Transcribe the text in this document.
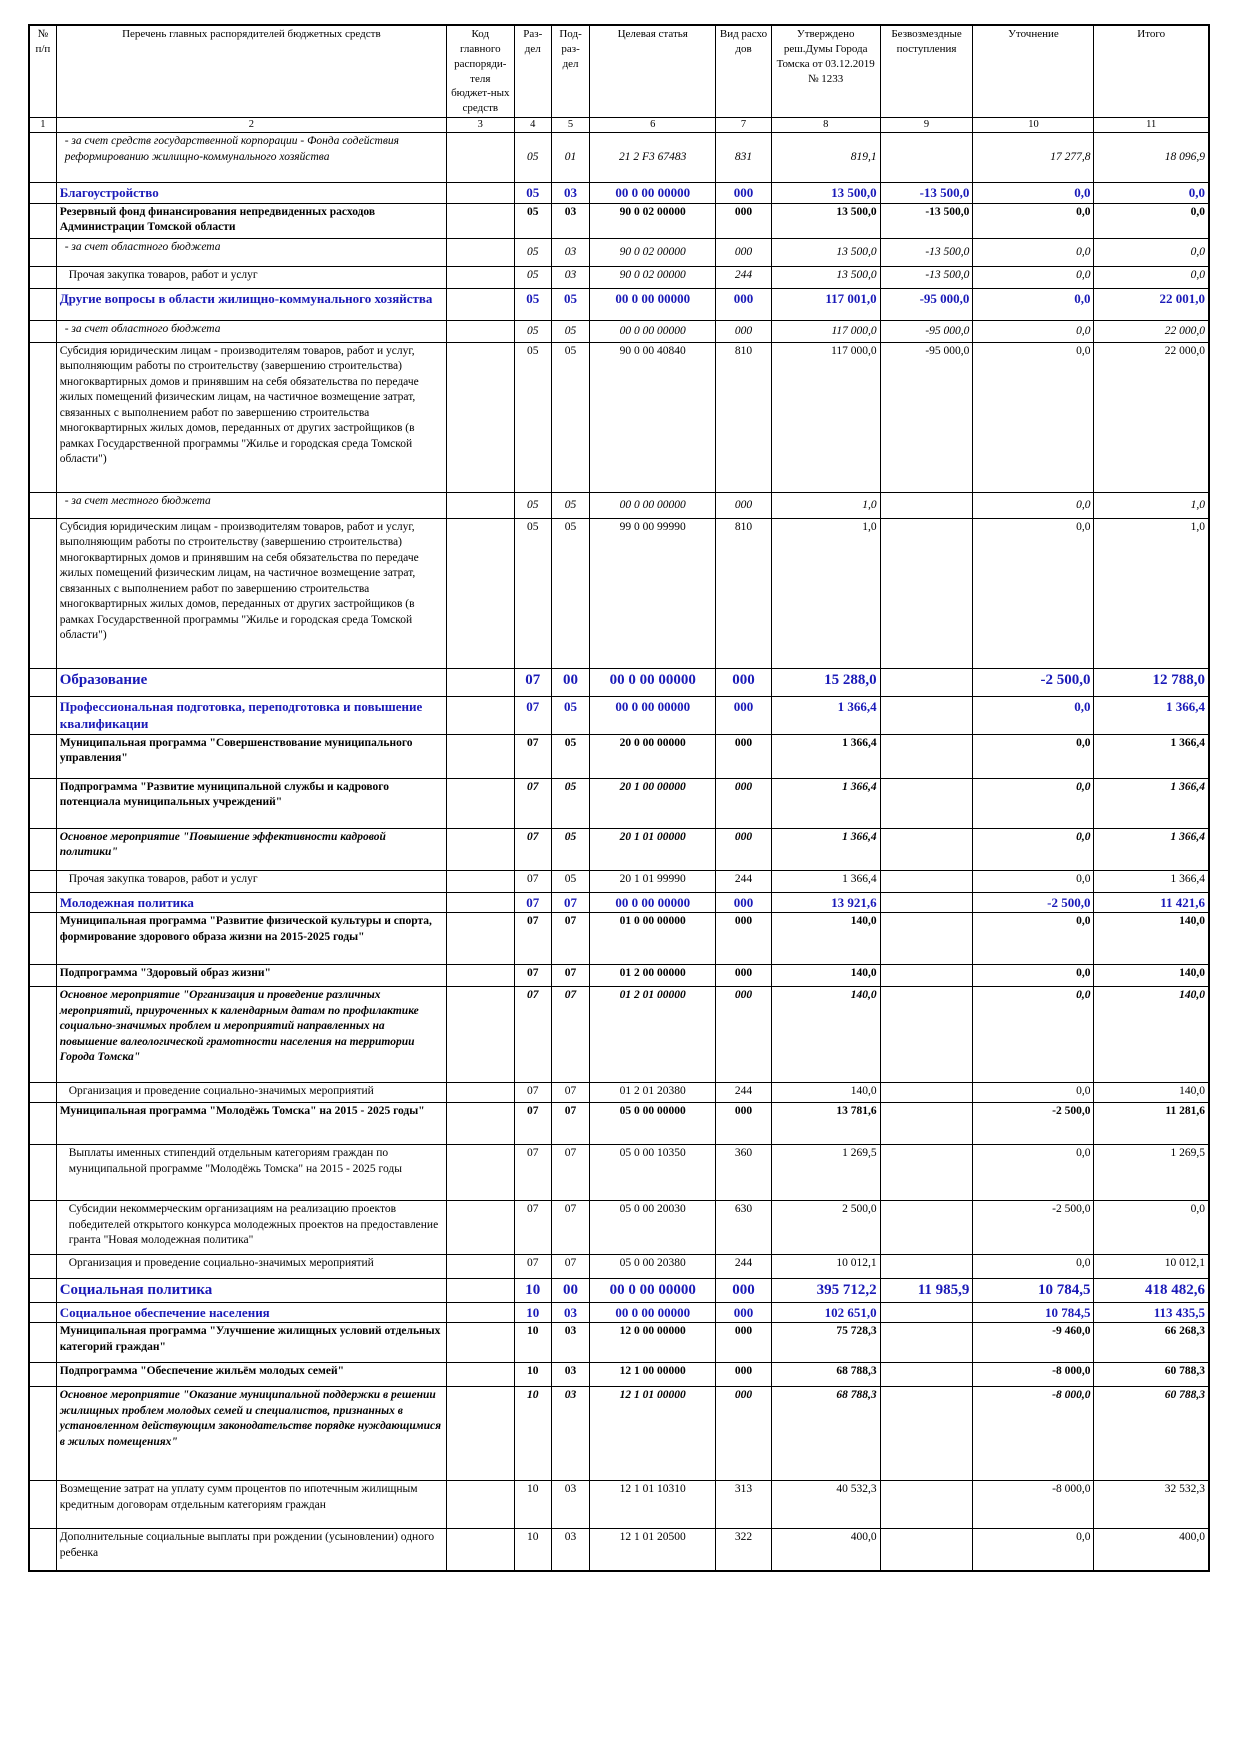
№ п/п	Перечень главных распорядителей бюджетных средств	Код главного распоряди-теля бюджет-ных средств	Раз-дел	Под-раз-дел	Целевая статья	Вид расхо дов	Утверждено реш.Думы Города Томска от 03.12.2019 № 1233	Безвозмездные поступления	Уточнение	Итого
1	2	3	4	5	6	7	8	9	10	11
	- за счет средств государственной корпорации - Фонда содействия реформированию жилищно-коммунального хозяйства		05	01	21 2 F3 67483	831	819,1		17 277,8	18 096,9
	Благоустройство		05	03	00 0 00 00000	000	13 500,0	-13 500,0	0,0	0,0
	Резервный фонд финансирования непредвиденных расходов Администрации Томской области		05	03	90 0 02 00000	000	13 500,0	-13 500,0	0,0	0,0
	- за счет областного бюджета		05	03	90 0 02 00000	000	13 500,0	-13 500,0	0,0	0,0
	Прочая закупка товаров, работ и услуг		05	03	90 0 02 00000	244	13 500,0	-13 500,0	0,0	0,0
	Другие вопросы в области жилищно-коммунального хозяйства		05	05	00 0 00 00000	000	117 001,0	-95 000,0	0,0	22 001,0
	- за счет областного бюджета		05	05	00 0 00 00000	000	117 000,0	-95 000,0	0,0	22 000,0
	Субсидия юридическим лицам - производителям товаров, работ и услуг, выполняющим работы по строительству (завершению строительства) многоквартирных домов и принявшим на себя обязательства по передаче жилых помещений физическим лицам, на частичное возмещение затрат, связанных с выполнением работ по завершению строительства многоквартирных жилых домов, переданных от других застройщиков (в рамках Государственной программы "Жилье и городская среда Томской области")		05	05	90 0 00 40840	810	117 000,0	-95 000,0	0,0	22 000,0
	- за счет местного бюджета		05	05	00 0 00 00000	000	1,0		0,0	1,0
	Субсидия юридическим лицам - производителям товаров, работ и услуг, выполняющим работы по строительству (завершению строительства) многоквартирных домов и принявшим на себя обязательства по передаче жилых помещений физическим лицам, на частичное возмещение затрат, связанных с выполнением работ по завершению строительства многоквартирных жилых домов, переданных от других застройщиков (в рамках Государственной программы "Жилье и городская среда Томской области")		05	05	99 0 00 99990	810	1,0		0,0	1,0
	Образование		07	00	00 0 00 00000	000	15 288,0		-2 500,0	12 788,0
	Профессиональная подготовка, переподготовка и повышение квалификации		07	05	00 0 00 00000	000	1 366,4		0,0	1 366,4
	Муниципальная программа "Совершенствование муниципального управления"		07	05	20 0 00 00000	000	1 366,4		0,0	1 366,4
	Подпрограмма "Развитие муниципальной службы и кадрового потенциала муниципальных учреждений"		07	05	20 1 00 00000	000	1 366,4		0,0	1 366,4
	Основное мероприятие "Повышение эффективности кадровой политики"		07	05	20 1 01 00000	000	1 366,4		0,0	1 366,4
	Прочая закупка товаров, работ и услуг		07	05	20 1 01 99990	244	1 366,4		0,0	1 366,4
	Молодежная политика		07	07	00 0 00 00000	000	13 921,6		-2 500,0	11 421,6
	Муниципальная программа "Развитие физической культуры и спорта, формирование здорового образа жизни на 2015-2025 годы"		07	07	01 0 00 00000	000	140,0		0,0	140,0
	Подпрограмма "Здоровый образ жизни"		07	07	01 2 00 00000	000	140,0		0,0	140,0
	Основное мероприятие "Организация и проведение различных мероприятий, приуроченных к календарным датам по профилактике социально-значимых проблем и мероприятий направленных на повышение валеологической грамотности населения на территории Города Томска"		07	07	01 2 01 00000	000	140,0		0,0	140,0
	Организация и проведение социально-значимых мероприятий		07	07	01 2 01 20380	244	140,0		0,0	140,0
	Муниципальная программа "Молодёжь Томска" на 2015 - 2025 годы"		07	07	05 0 00 00000	000	13 781,6		-2 500,0	11 281,6
	Выплаты именных стипендий отдельным категориям граждан по муниципальной программе "Молодёжь Томска" на 2015 - 2025 годы		07	07	05 0 00 10350	360	1 269,5		0,0	1 269,5
	Субсидии некоммерческим организациям на реализацию проектов победителей открытого конкурса молодежных проектов на предоставление гранта "Новая молодежная политика"		07	07	05 0 00 20030	630	2 500,0		-2 500,0	0,0
	Организация и проведение социально-значимых мероприятий		07	07	05 0 00 20380	244	10 012,1		0,0	10 012,1
	Социальная политика		10	00	00 0 00 00000	000	395 712,2	11 985,9	10 784,5	418 482,6
	Социальное обеспечение населения		10	03	00 0 00 00000	000	102 651,0		10 784,5	113 435,5
	Муниципальная программа "Улучшение жилищных условий отдельных категорий граждан"		10	03	12 0 00 00000	000	75 728,3		-9 460,0	66 268,3
	Подпрограмма "Обеспечение жильём молодых семей"		10	03	12 1 00 00000	000	68 788,3		-8 000,0	60 788,3
	Основное мероприятие "Оказание муниципальной поддержки в решении жилищных проблем молодых семей и специалистов, признанных в установленном действующим законодательстве порядке нуждающимися в жилых помещениях"		10	03	12 1 01 00000	000	68 788,3		-8 000,0	60 788,3
	Возмещение затрат на уплату сумм процентов по ипотечным жилищным кредитным договорам отдельным категориям граждан		10	03	12 1 01 10310	313	40 532,3		-8 000,0	32 532,3
	Дополнительные социальные выплаты при рождении (усыновлении) одного ребенка		10	03	12 1 01 20500	322	400,0		0,0	400,0
